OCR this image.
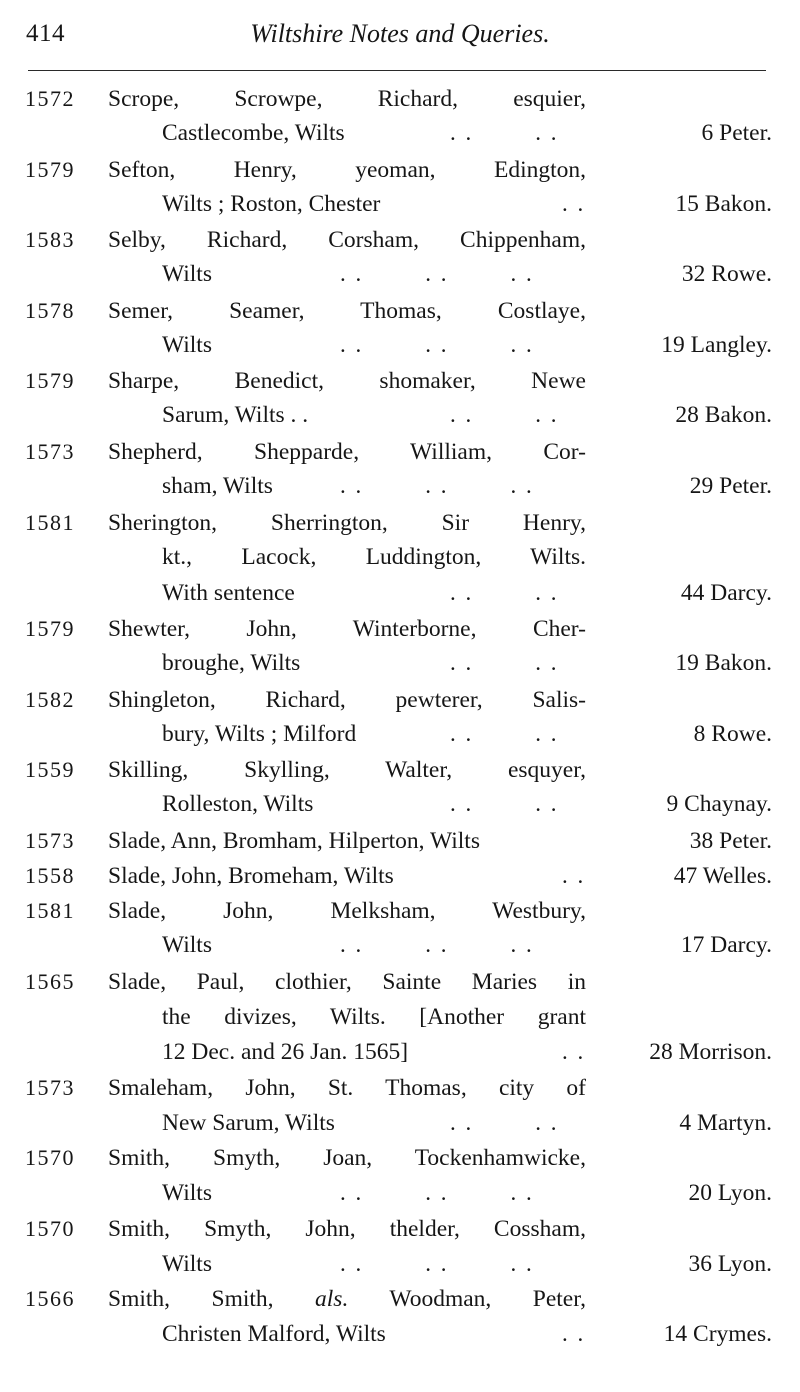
414	Wiltshire Notes and Queries.
1572	Scrope, Scrowpe, Richard, esquier,
Castlecombe, Wilts	. .        . .	6 Peter.
1579	Sefton, Henry, yeoman, Edington,
Wilts ; Roston, Chester	. .	15 Bakon.
1583	Selby, Richard, Corsham, Chippenham,
Wilts	. .        . .        . .	32 Rowe.
1578	Semer, Seamer, Thomas, Costlaye,
Wilts	. .        . .        . .	19 Langley.
1579	Sharpe, Benedict, shomaker, Newe
Sarum, Wilts . .	. .        . .	28 Bakon.
1573	Shepherd, Shepparde, William, Cor-
sham, Wilts	. .        . .        . .	29 Peter.
1581	Sherington, Sherrington, Sir Henry,
kt., Lacock, Luddington, Wilts.
With sentence	. .        . .	44 Darcy.
1579	Shewter, John, Winterborne, Cher-
broughe, Wilts	. .        . .	19 Bakon.
1582	Shingleton, Richard, pewterer, Salis-
bury, Wilts ; Milford	. .        . .	8 Rowe.
1559	Skilling, Skylling, Walter, esquyer,
Rolleston, Wilts	. .        . .	9 Chaynay.
1573	Slade, Ann, Bromham, Hilperton, Wilts	38 Peter.
1558	Slade, John, Bromeham, Wilts	. .	47 Welles.
1581	Slade, John, Melksham, Westbury,
Wilts	. .        . .        . .	17 Darcy.
1565	Slade, Paul, clothier, Sainte Maries in
the divizes, Wilts. [Another grant
12 Dec. and 26 Jan. 1565]	. .	28 Morrison.
1573	Smaleham, John, St. Thomas, city of
New Sarum, Wilts	. .        . .	4 Martyn.
1570	Smith, Smyth, Joan, Tockenhamwicke,
Wilts	. .        . .        . .	20 Lyon.
1570	Smith, Smyth, John, thelder, Cossham,
Wilts	. .        . .        . .	36 Lyon.
1566	Smith, Smith, als. Woodman, Peter,
Christen Malford, Wilts	. .	14 Crymes.
